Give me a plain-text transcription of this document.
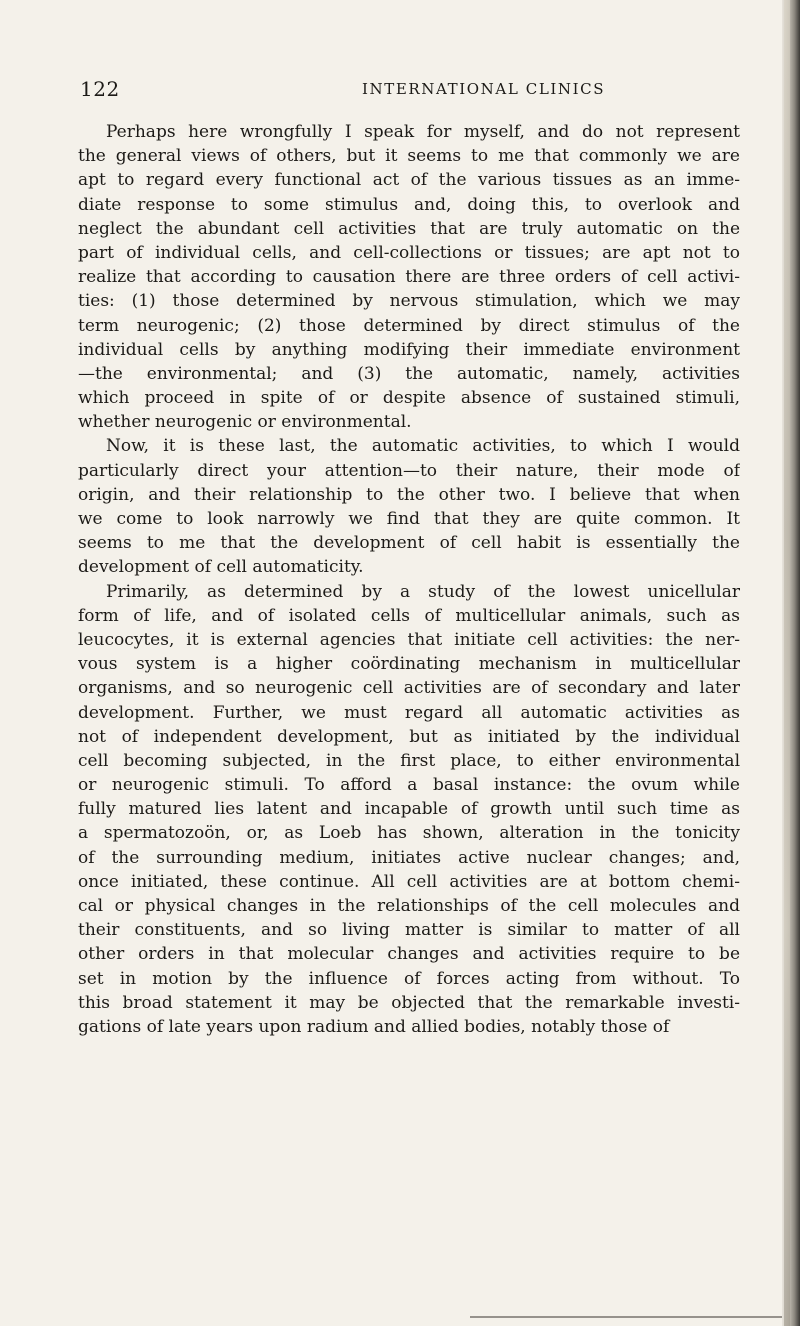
122	INTERNATIONAL CLINICS
Perhaps here wrongfully I speak for myself, and do not represent
the general views of others, but it seems to me that commonly we are
apt to regard every functional act of the various tissues as an imme-
diate response to some stimulus and, doing this, to overlook and
neglect the abundant cell activities that are truly automatic on the
part of individual cells, and cell-collections or tissues; are apt not to
realize that according to causation there are three orders of cell activi-
ties: (1) those determined by nervous stimulation, which we may
term neurogenic; (2) those determined by direct stimulus of the
individual cells by anything modifying their immediate environment
—the environmental; and (3) the automatic, namely, activities
which proceed in spite of or despite absence of sustained stimuli,
whether neurogenic or environmental.
Now, it is these last, the automatic activities, to which I would
particularly direct your attention—to their nature, their mode of
origin, and their relationship to the other two. I believe that when
we come to look narrowly we find that they are quite common. It
seems to me that the development of cell habit is essentially the
development of cell automaticity.
Primarily, as determined by a study of the lowest unicellular
form of life, and of isolated cells of multicellular animals, such as
leucocytes, it is external agencies that initiate cell activities: the ner-
vous system is a higher coördinating mechanism in multicellular
organisms, and so neurogenic cell activities are of secondary and later
development. Further, we must regard all automatic activities as
not of independent development, but as initiated by the individual
cell becoming subjected, in the first place, to either environmental
or neurogenic stimuli. To afford a basal instance: the ovum while
fully matured lies latent and incapable of growth until such time as
a spermatozoön, or, as Loeb has shown, alteration in the tonicity
of the surrounding medium, initiates active nuclear changes; and,
once initiated, these continue. All cell activities are at bottom chemi-
cal or physical changes in the relationships of the cell molecules and
their constituents, and so living matter is similar to matter of all
other orders in that molecular changes and activities require to be
set in motion by the influence of forces acting from without. To
this broad statement it may be objected that the remarkable investi-
gations of late years upon radium and allied bodies, notably those of
